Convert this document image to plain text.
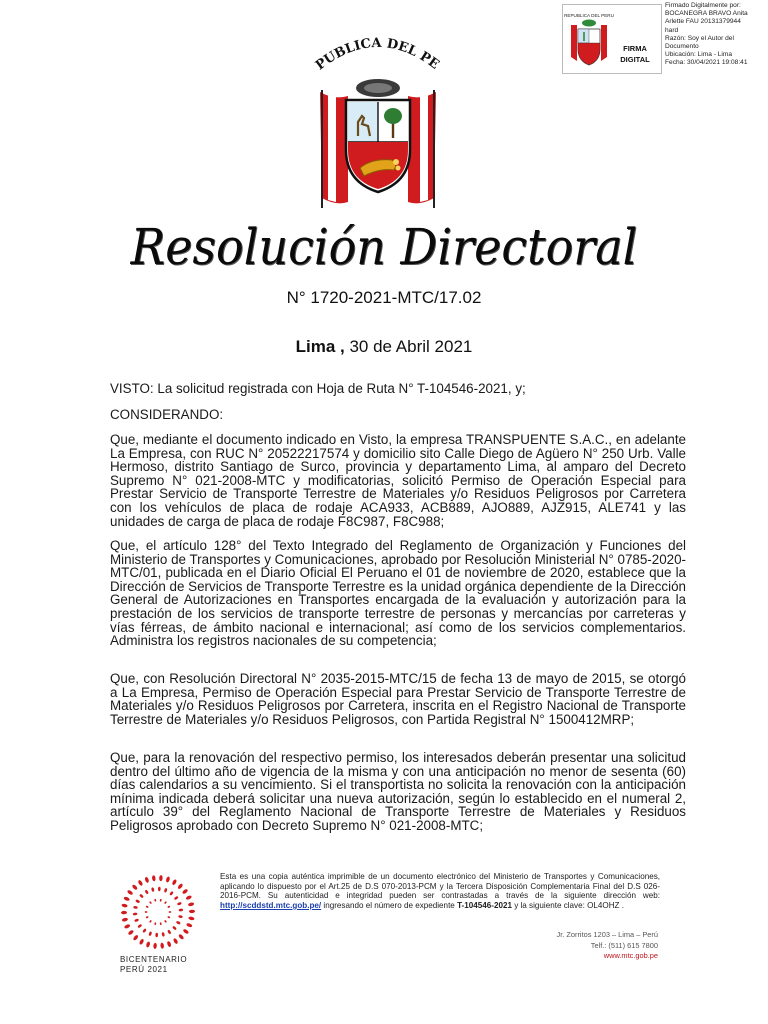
REPUBLICA DEL PERU
FIRMA
DIGITAL
Firmado Digitalmente por:
BOCANEGRA BRAVO Anita
Arlette FAU 20131379944
hard
Razón: Soy el Autor del
Documento
Ubicación: Lima - Lima
Fecha: 30/04/2021 19:08:41
PUBLICA DEL PE
Resolución Directoral
N° 1720-2021-MTC/17.02
Lima , 30 de Abril 2021
VISTO: La solicitud registrada con Hoja de Ruta N° T-104546-2021, y;
CONSIDERANDO:
Que, mediante el documento indicado en Visto, la empresa TRANSPUENTE S.A.C., en adelante La Empresa, con RUC N° 20522217574 y domicilio sito Calle Diego de Agüero N° 250 Urb. Valle Hermoso, distrito Santiago de Surco, provincia y departamento Lima, al amparo del Decreto Supremo N° 021-2008-MTC y modificatorias, solicitó Permiso de Operación Especial para Prestar Servicio de Transporte Terrestre de Materiales y/o Residuos Peligrosos por Carretera con los vehículos de placa de rodaje ACA933, ACB889, AJO889, AJZ915, ALE741 y las unidades de carga de placa de rodaje F8C987, F8C988;
Que, el artículo 128° del Texto Integrado del Reglamento de Organización y Funciones del Ministerio de Transportes y Comunicaciones, aprobado por Resolución Ministerial N° 0785-2020-MTC/01, publicada en el Diario Oficial El Peruano el 01 de noviembre de 2020, establece que la Dirección de Servicios de Transporte Terrestre es la unidad orgánica dependiente de la Dirección General de Autorizaciones en Transportes encargada de la evaluación y autorización para la prestación de los servicios de transporte terrestre de personas y mercancías por carreteras y vías férreas, de ámbito nacional e internacional; así como de los servicios complementarios. Administra los registros nacionales de su competencia;
Que, con Resolución Directoral N° 2035-2015-MTC/15 de fecha 13 de mayo de 2015, se otorgó a La Empresa, Permiso de Operación Especial para Prestar Servicio de Transporte Terrestre de Materiales y/o Residuos Peligrosos por Carretera, inscrita en el Registro Nacional de Transporte Terrestre de Materiales y/o Residuos Peligrosos, con Partida Registral N° 1500412MRP;
Que, para la renovación del respectivo permiso, los interesados deberán presentar una solicitud dentro del último año de vigencia de la misma y con una anticipación no menor de sesenta (60) días calendarios a su vencimiento. Si el transportista no solicita la renovación con la anticipación mínima indicada deberá solicitar una nueva autorización, según lo establecido en el numeral 2, artículo 39° del Reglamento Nacional de Transporte Terrestre de Materiales y Residuos Peligrosos aprobado con Decreto Supremo N° 021-2008-MTC;
BICENTENARIO
PERÚ 2021
Esta es una copia auténtica imprimible de un documento electrónico del Ministerio de Transportes y Comunicaciones, aplicando lo dispuesto por el Art.25 de D.S 070-2013-PCM y la Tercera Disposición Complementaria Final del D.S 026-2016-PCM. Su autenticidad e integridad pueden ser contrastadas a través de la siguiente dirección web: http://scddstd.mtc.gob.pe/ ingresando el número de expediente T-104546-2021 y la siguiente clave: OL4OHZ .
Jr. Zorritos 1203 – Lima – Perú
Telf.: (511) 615 7800
www.mtc.gob.pe
